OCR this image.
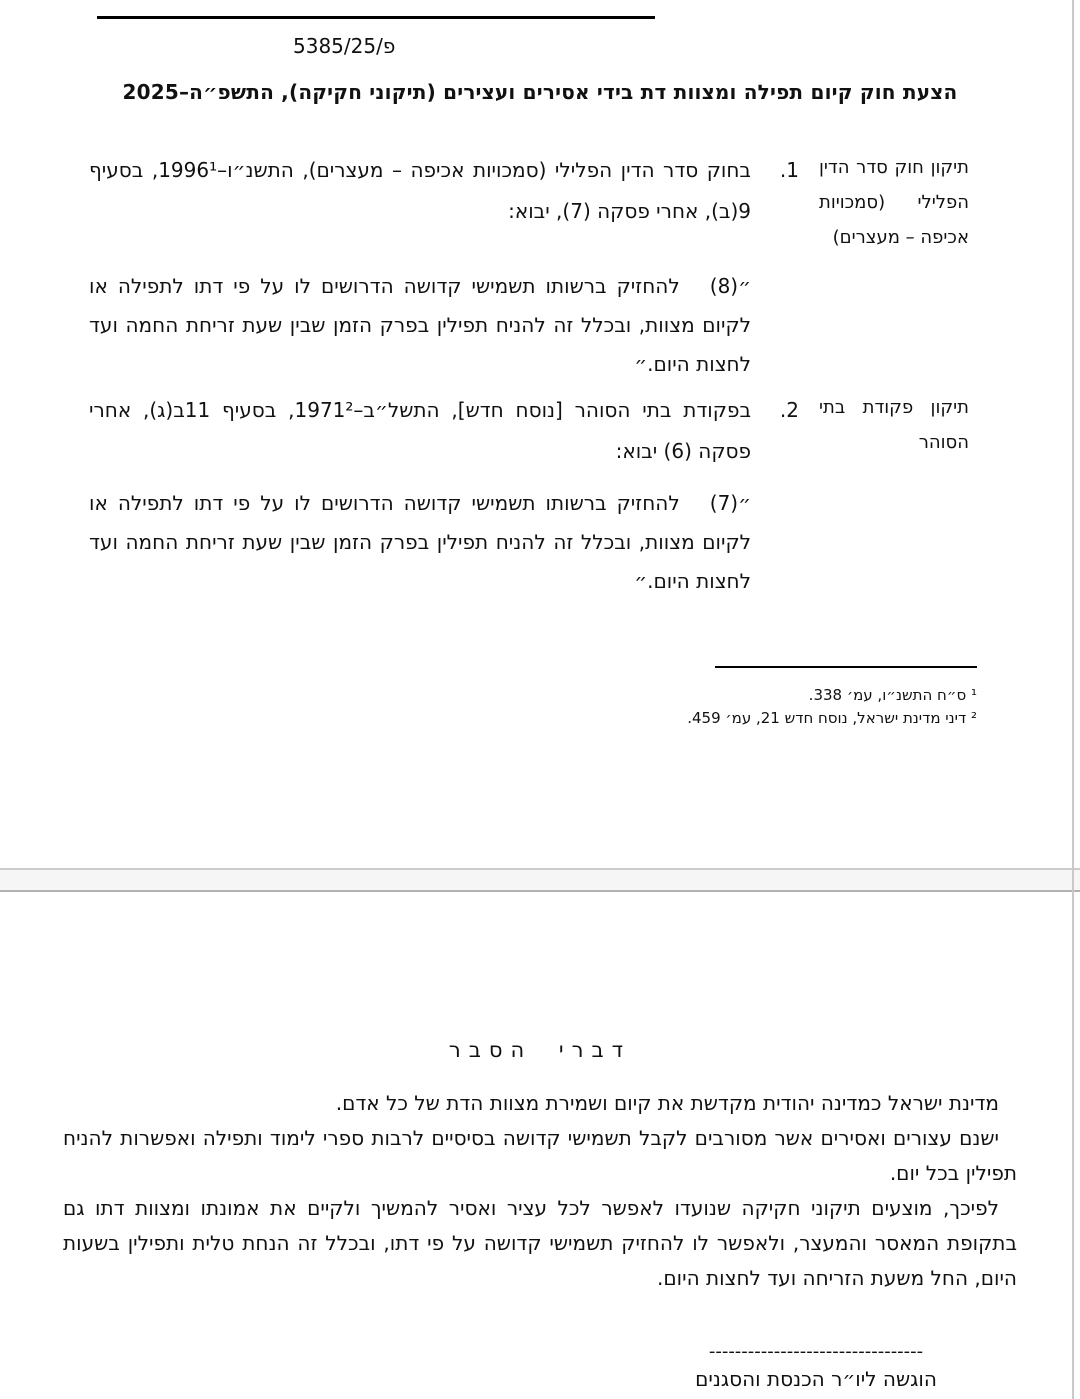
פ/5385/25
הצעת חוק קיום תפילה ומצוות דת בידי אסירים ועצירים (תיקוני חקיקה), התשפ״ה–2025
תיקון חוק סדר הדין הפלילי (סמכויות אכיפה – מעצרים)
1.
בחוק סדר הדין הפלילי (סמכויות אכיפה – מעצרים), התשנ״ו–1996¹, בסעיף 9(ב), אחרי פסקה (7), יבוא:
״(8)   להחזיק ברשותו תשמישי קדושה הדרושים לו על פי דתו לתפילה או לקיום מצוות, ובכלל זה להניח תפילין בפרק הזמן שבין שעת זריחת החמה ועד לחצות היום.״
תיקון פקודת בתי הסוהר
2.
בפקודת בתי הסוהר [נוסח חדש], התשל״ב–1971², בסעיף 11ב(ג), אחרי פסקה (6) יבוא:
״(7)   להחזיק ברשותו תשמישי קדושה הדרושים לו על פי דתו לתפילה או לקיום מצוות, ובכלל זה להניח תפילין בפרק הזמן שבין שעת זריחת החמה ועד לחצות היום.״
¹ ס״ח התשנ״ו, עמ׳ 338.
² דיני מדינת ישראל, נוסח חדש 21, עמ׳ 459.
דברי הסבר

מדינת ישראל כמדינה יהודית מקדשת את קיום ושמירת מצוות הדת של כל אדם.

ישנם עצורים ואסירים אשר מסורבים לקבל תשמישי קדושה בסיסיים לרבות ספרי לימוד ותפילה ואפשרות להניח תפילין בכל יום.

לפיכך, מוצעים תיקוני חקיקה שנועדו לאפשר לכל עציר ואסיר להמשיך ולקיים את אמונתו ומצוות דתו גם בתקופת המאסר והמעצר, ולאפשר לו להחזיק תשמישי קדושה על פי דתו, ובכלל זה הנחת טלית ותפילין בשעות היום, החל משעת הזריחה ועד לחצות היום.

---------------------------------
הוגשה ליו״ר הכנסת והסגנים
